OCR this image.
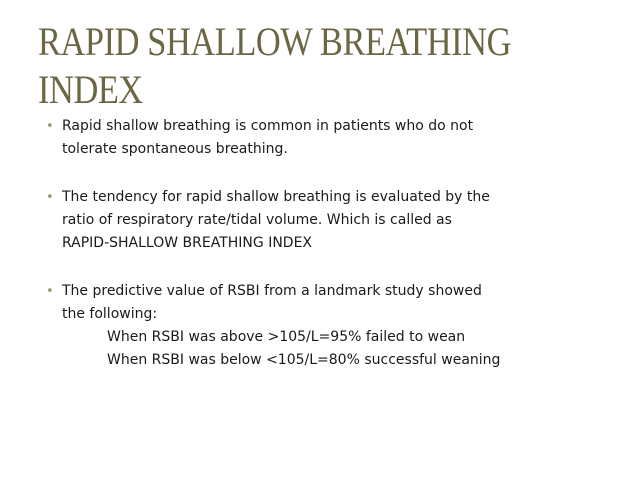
RAPID SHALLOW BREATHING
INDEX
• Rapid shallow breathing is common in patients who do not
tolerate spontaneous breathing.
• The tendency for rapid shallow breathing is evaluated by the
ratio of respiratory rate/tidal volume. Which is called as
RAPID-SHALLOW BREATHING INDEX
• The predictive value of RSBI from a landmark study showed
the following:
When RSBI was above >105/L=95% failed to wean
When RSBI was below <105/L=80% successful weaning
